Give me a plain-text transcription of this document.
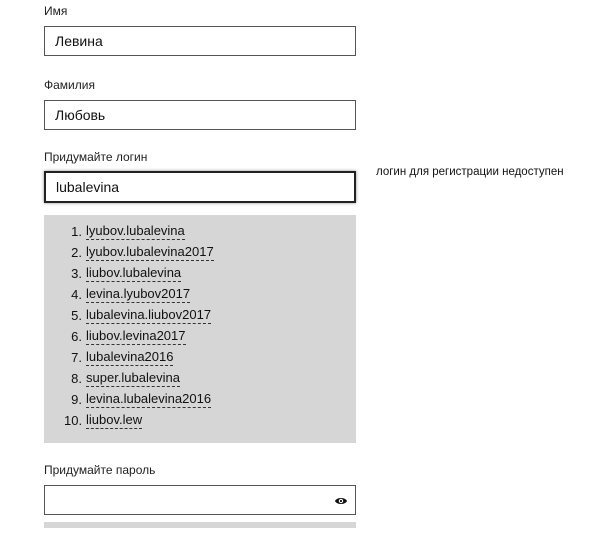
Имя
Левина
Фамилия
Любовь
Придумайте логин
lubalevina
логин для регистрации недоступен
1. lyubov.lubalevina
2. lyubov.lubalevina2017
3. liubov.lubalevina
4. levina.lyubov2017
5. lubalevina.liubov2017
6. liubov.levina2017
7. lubalevina2016
8. super.lubalevina
9. levina.lubalevina2016
10. liubov.lew
Придумайте пароль
